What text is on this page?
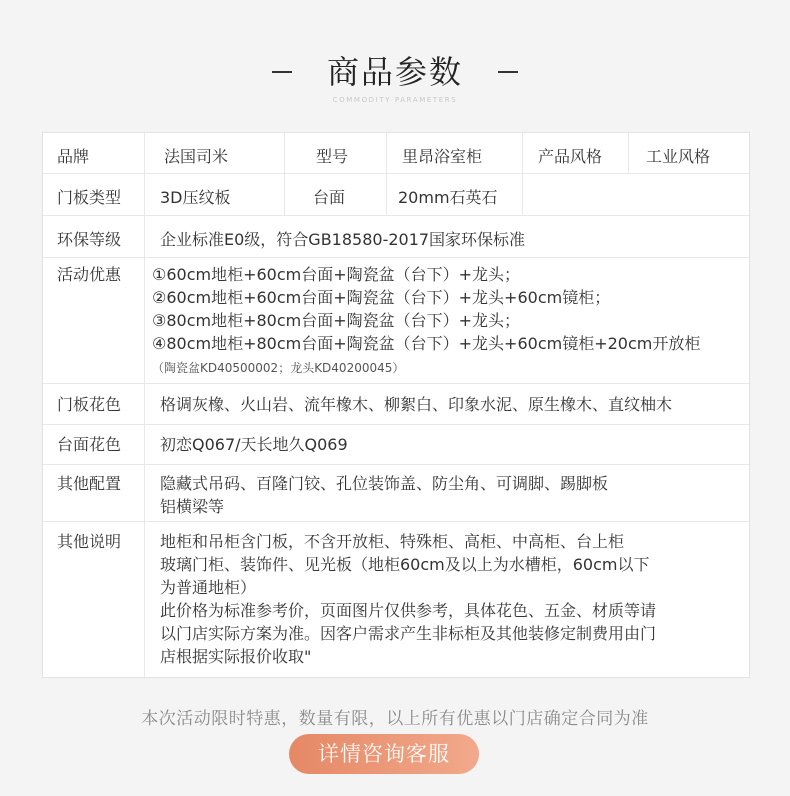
商品参数
COMMODITY PARAMETERS
品牌	法国司米	型号	里昂浴室柜	产品风格	工业风格
门板类型 3D压纹板	台面	20mm石英石
环保等级 企业标准E0级，符合GB18580-2017国家环保标准
活动优惠 ①60cm地柜+60cm台面+陶瓷盆（台下）+龙头；
②60cm地柜+60cm台面+陶瓷盆（台下）+龙头+60cm镜柜；
③80cm地柜+80cm台面+陶瓷盆（台下）+龙头；
④80cm地柜+80cm台面+陶瓷盆（台下）+龙头+60cm镜柜+20cm开放柜
（陶瓷盆KD40500002；龙头KD40200045）
门板花色 格调灰橡、火山岩、流年橡木、柳絮白、印象水泥、原生橡木、直纹柚木
台面花色 初恋Q067/天长地久Q069
其他配置 隐藏式吊码、百隆门铰、孔位装饰盖、防尘角、可调脚、踢脚板
铝横梁等
其他说明 地柜和吊柜含门板，不含开放柜、特殊柜、高柜、中高柜、台上柜
玻璃门柜、装饰件、见光板（地柜60cm及以上为水槽柜，60cm以下
为普通地柜）
此价格为标准参考价，页面图片仅供参考，具体花色、五金、材质等请
以门店实际方案为准。因客户需求产生非标柜及其他装修定制费用由门
店根据实际报价收取"
本次活动限时特惠，数量有限，以上所有优惠以门店确定合同为准
详情咨询客服
